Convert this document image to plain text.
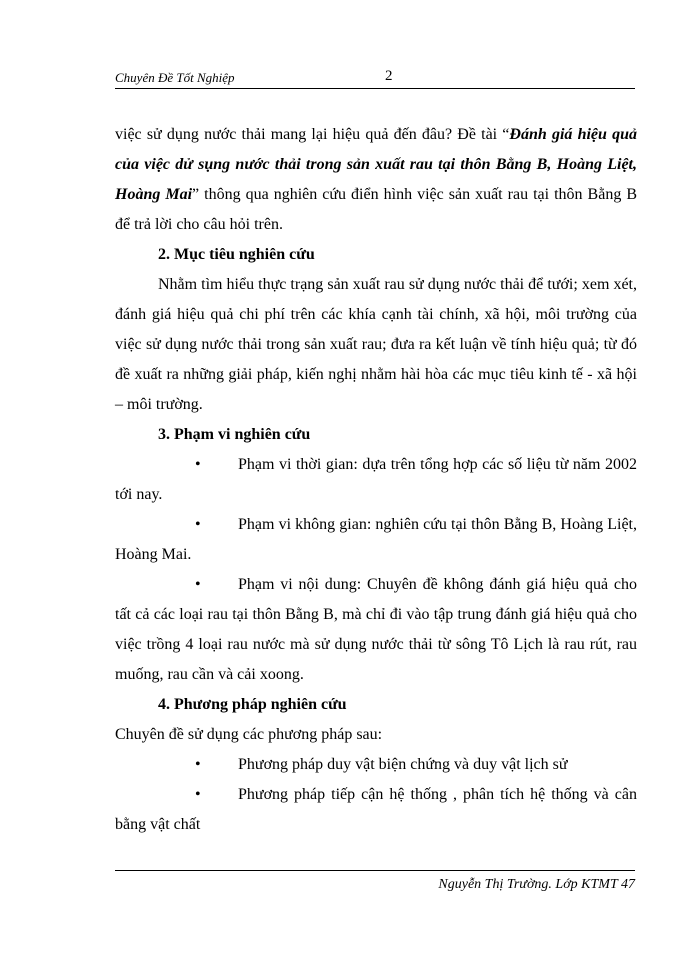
Chuyên Đề Tốt Nghiệp	2

việc sử dụng nước thải mang lại hiệu quả đến đâu? Đề tài “Đánh giá hiệu quả của việc dử sụng nước thải trong sản xuất rau tại thôn Bằng B, Hoàng Liệt, Hoàng Mai” thông qua nghiên cứu điển hình việc sản xuất rau tại thôn Bằng B để trả lời cho câu hỏi trên.

2. Mục tiêu nghiên cứu

Nhằm tìm hiểu thực trạng sản xuất rau sử dụng nước thải để tưới; xem xét, đánh giá hiệu quả chi phí trên các khía cạnh tài chính, xã hội, môi trường của việc sử dụng nước thải trong sản xuất rau; đưa ra kết luận về tính hiệu quả; từ đó đề xuất ra những giải pháp, kiến nghị nhằm hài hòa các mục tiêu kinh tế - xã hội – môi trường.

3. Phạm vi nghiên cứu

• Phạm vi thời gian: dựa trên tổng hợp các số liệu từ năm 2002 tới nay.

• Phạm vi không gian: nghiên cứu tại thôn Bằng B, Hoàng Liệt, Hoàng Mai.

• Phạm vi nội dung: Chuyên đề không đánh giá hiệu quả cho tất cả các loại rau tại thôn Bằng B, mà chỉ đi vào tập trung đánh giá hiệu quả cho việc trồng 4 loại rau nước mà sử dụng nước thải từ sông Tô Lịch là rau rút, rau muống, rau cần và cải xoong.

4. Phương pháp nghiên cứu

Chuyên đề sử dụng các phương pháp sau:

• Phương pháp duy vật biện chứng và duy vật lịch sử

• Phương pháp tiếp cận hệ thống , phân tích hệ thống và cân bằng vật chất

Nguyễn Thị Trường. Lớp KTMT 47
